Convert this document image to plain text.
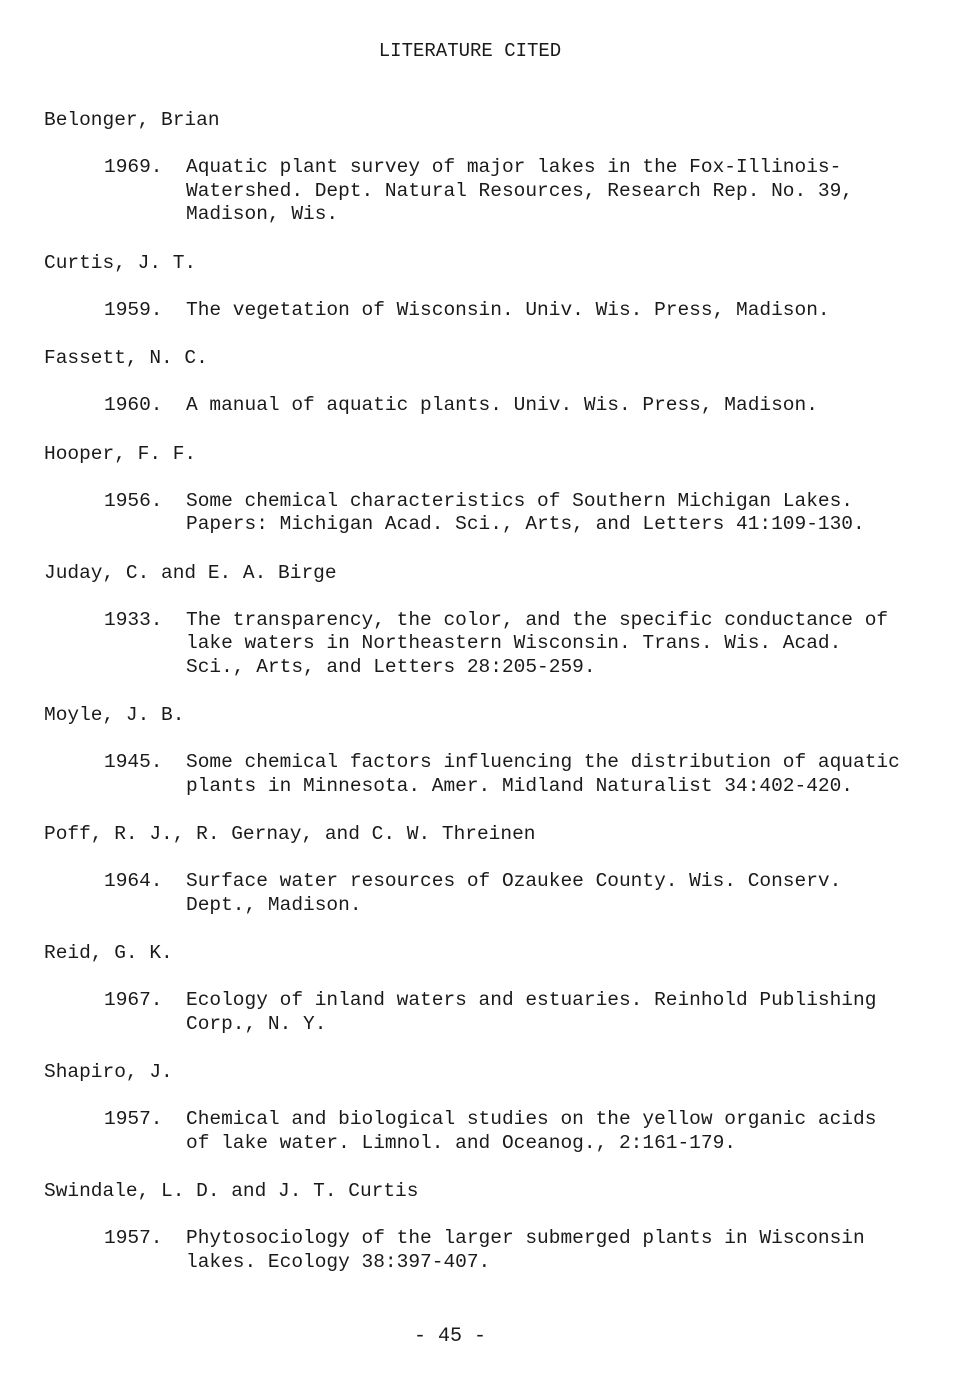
LITERATURE CITED
Belonger, Brian
1969. Aquatic plant survey of major lakes in the Fox-Illinois-
Watershed. Dept. Natural Resources, Research Rep. No. 39,
Madison, Wis.
Curtis, J. T.
1959. The vegetation of Wisconsin. Univ. Wis. Press, Madison.
Fassett, N. C.
1960. A manual of aquatic plants. Univ. Wis. Press, Madison.
Hooper, F. F.
1956. Some chemical characteristics of Southern Michigan Lakes.
Papers: Michigan Acad. Sci., Arts, and Letters 41:109-130.
Juday, C. and E. A. Birge
1933. The transparency, the color, and the specific conductance of
lake waters in Northeastern Wisconsin. Trans. Wis. Acad.
Sci., Arts, and Letters 28:205-259.
Moyle, J. B.
1945. Some chemical factors influencing the distribution of aquatic
plants in Minnesota. Amer. Midland Naturalist 34:402-420.
Poff, R. J., R. Gernay, and C. W. Threinen
1964. Surface water resources of Ozaukee County. Wis. Conserv.
Dept., Madison.
Reid, G. K.
1967. Ecology of inland waters and estuaries. Reinhold Publishing
Corp., N. Y.
Shapiro, J.
1957. Chemical and biological studies on the yellow organic acids
of lake water. Limnol. and Oceanog., 2:161-179.
Swindale, L. D. and J. T. Curtis
1957. Phytosociology of the larger submerged plants in Wisconsin
lakes. Ecology 38:397-407.
- 45 -
